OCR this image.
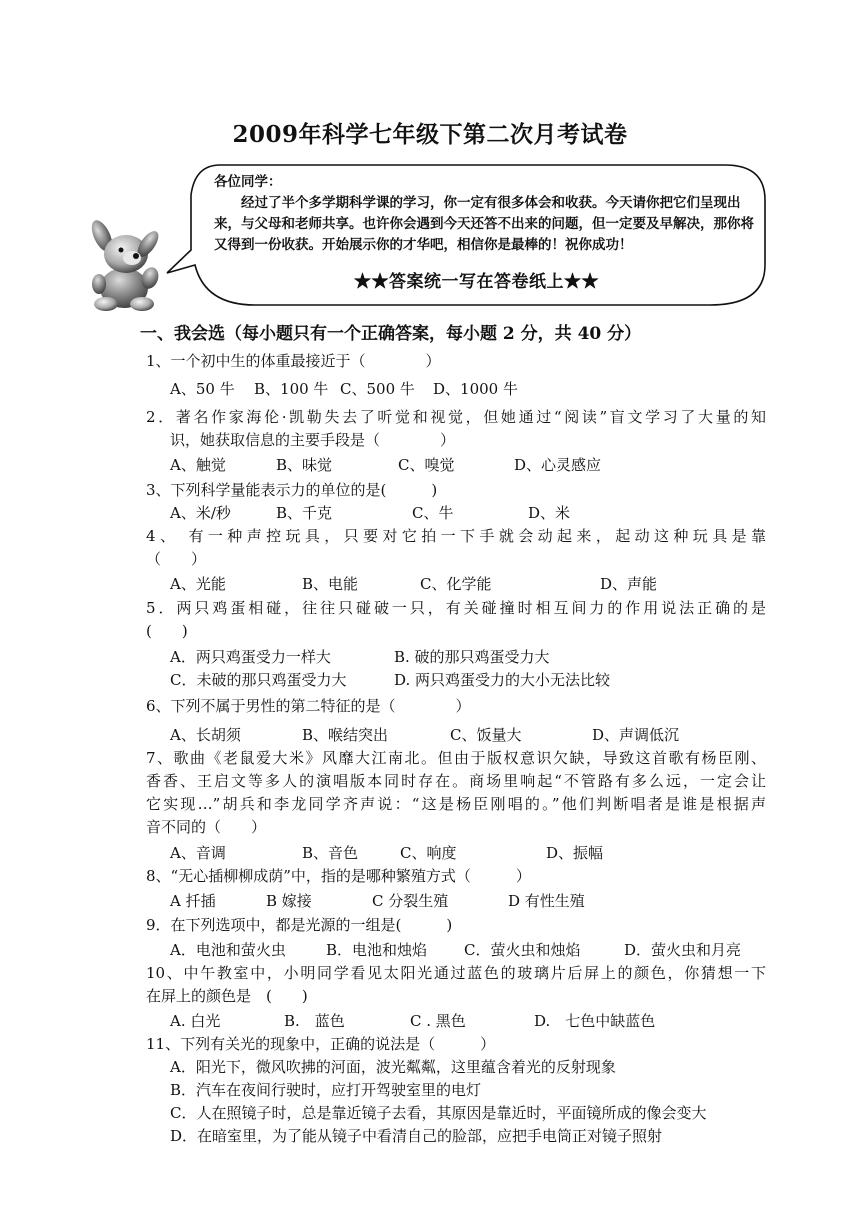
2009年科学七年级下第二次月考试卷
各位同学：
经过了半个多学期科学课的学习，你一定有很多体会和收获。今天请你把它们呈现出来，与父母和老师共享。也许你会遇到今天还答不出来的问题，但一定要及早解决，那你将又得到一份收获。开始展示你的才华吧，相信你是最棒的！祝你成功！
★★答案统一写在答卷纸上★★
一、我会选（每小题只有一个正确答案，每小题 2 分，共 40 分）
1、一个初中生的体重最接近于（　　　　）
A、50 牛 B、100 牛 C、500 牛 D、1000 牛
2．著名作家海伦·凯勒失去了听觉和视觉，但她通过“阅读”盲文学习了大量的知
识，她获取信息的主要手段是（　　　　）
A、触觉	B、味觉	C、嗅觉	D、心灵感应
3、下列科学量能表示力的单位的是(　　　)
A、米/秒	B、千克	C、牛	D、米
4、 有一种声控玩具，只要对它拍一下手就会动起来，起动这种玩具是靠
（　　）
A、光能	B、电能	C、化学能	D、声能
5．两只鸡蛋相碰，往往只碰破一只，有关碰撞时相互间力的作用说法正确的是
(　　)
A．两只鸡蛋受力一样大	B. 破的那只鸡蛋受力大
C．未破的那只鸡蛋受力大	D. 两只鸡蛋受力的大小无法比较
6、下列不属于男性的第二特征的是（　　　　）
A、长胡须	B、喉结突出	C、饭量大	D、声调低沉
7、歌曲《老鼠爱大米》风靡大江南北。但由于版权意识欠缺，导致这首歌有杨臣刚、
香香、王启文等多人的演唱版本同时存在。商场里响起“不管路有多么远，一定会让
它实现…”胡兵和李龙同学齐声说：“这是杨臣刚唱的。”他们判断唱者是谁是根据声
音不同的（　　）
A、音调	B、音色	C、响度	D、振幅
8、“无心插柳柳成荫”中，指的是哪种繁殖方式（　　　）
A 扦插	B 嫁接	C 分裂生殖	D 有性生殖
9．在下列选项中，都是光源的一组是(　　　)
A．电池和萤火虫	B．电池和烛焰 C．萤火虫和烛焰	D．萤火虫和月亮
10、中午教室中，小明同学看见太阳光通过蓝色的玻璃片后屏上的颜色，你猜想一下
在屏上的颜色是　(　　)
A. 白光	B.　蓝色	C . 黑色	D.　七色中缺蓝色
11、下列有关光的现象中，正确的说法是（　　　）
A．阳光下，微风吹拂的河面，波光粼粼，这里蕴含着光的反射现象
B．汽车在夜间行驶时，应打开驾驶室里的电灯
C．人在照镜子时，总是靠近镜子去看，其原因是靠近时，平面镜所成的像会变大
D．在暗室里，为了能从镜子中看清自己的脸部，应把手电筒正对镜子照射
